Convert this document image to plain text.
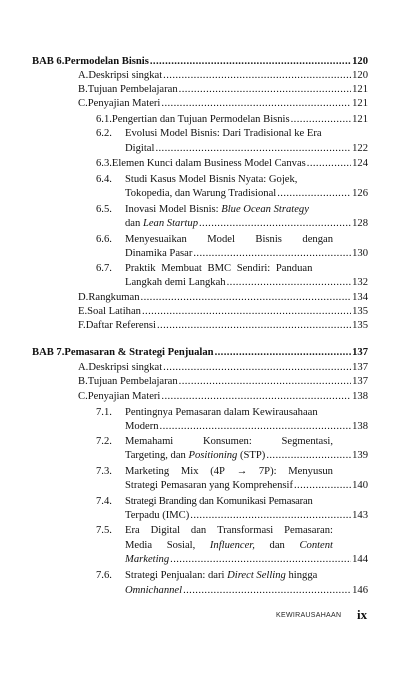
BAB 6. Permodelan Bisnis .....	120
A. Deskripsi singkat .....	120
B. Tujuan Pembelajaran .....	121
C. Penyajian Materi .....	121
6.1. Pengertian dan Tujuan Permodelan Bisnis .....	121
6.2. Evolusi Model Bisnis: Dari Tradisional ke Era
Digital .....	122
6.3. Elemen Kunci dalam Business Model Canvas .....	124
6.4. Studi Kasus Model Bisnis Nyata: Gojek,
Tokopedia, dan Warung Tradisional .....	126
6.5. Inovasi Model Bisnis: Blue Ocean Strategy
dan Lean Startup .....	128
6.6. Menyesuaikan Model Bisnis dengan
Dinamika Pasar .....	130
6.7. Praktik Membuat BMC Sendiri: Panduan
Langkah demi Langkah .....	132
D. Rangkuman .....	134
E. Soal Latihan .....	135
F. Daftar Referensi .....	135
BAB 7. Pemasaran & Strategi Penjualan .....	137
A. Deskripsi singkat .....	137
B. Tujuan Pembelajaran .....	137
C. Penyajian Materi .....	138
7.1. Pentingnya Pemasaran dalam Kewirausahaan
Modern .....	138
7.2. Memahami	Konsumen:	Segmentasi,
Targeting, dan Positioning (STP) .....	139
7.3. Marketing Mix (4P → 7P): Menyusun
Strategi Pemasaran yang Komprehensif .....	140
7.4. Strategi Branding dan Komunikasi Pemasaran
Terpadu (IMC) .....	143
7.5. Era Digital dan Transformasi Pemasaran:
Media Sosial, Influencer, dan Content
Marketing .....	144
7.6. Strategi Penjualan: dari Direct Selling hingga
Omnichannel .....	146
KEWIRAUSAHAAN ix
